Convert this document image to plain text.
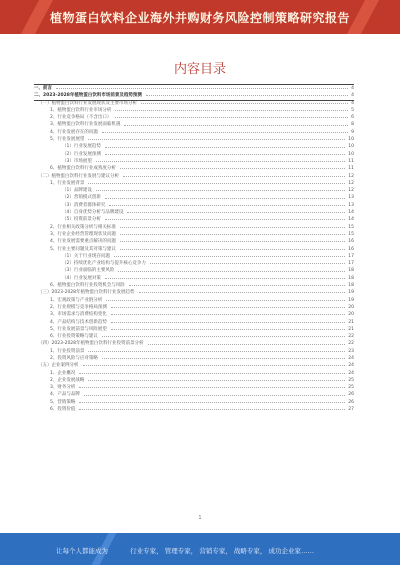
植物蛋白饮料企业海外并购财务风险控制策略研究报告
内容目录
一、前言	4
二、2023-2028年植物蛋白饮料市场前景及趋势预测	4
（一）植物蛋白饮料行业发展现状及主要市场分析	4
1、植物蛋白饮料行业市场分析	5
2、行业竞争格局（不含出口）	6
3、植物蛋白饮料行业发展面临机遇	8
4、行业发展存在的问题	9
5、行业发展展望	10
（1）行业发展趋势	10
（2）行业发展预测	10
（3）市场展望	11
6、植物蛋白饮料行业成熟度分析	11
（二）植物蛋白饮料行业发展与建议分析	12
1、行业发展背景	12
（1）品牌建设	12
（2）营销模式创新	13
（3）消费者群体研究	13
（4）自身优势分析与品牌建设	14
（5）投资前景分析	14
2、行业相关政策分析与相关标准	15
3、行业企业经营管理现状及问题	15
4、行业发展需要重点解决的问题	16
5、行业主要问题及其对策与建议	16
（1）关于行业现存问题	17
（2）持续优化产业结构与提升核心竞争力	17
（3）行业面临的主要风险	18
（4）行业发展对策	18
6、植物蛋白饮料行业投资机会与风险	18
（三）2023-2028年植物蛋白饮料行业发展趋势	19
1、宏观政策与产业链分析	19
2、行业规模与竞争格局预测	20
3、市场需求与消费结构变化	20
4、产品结构与技术创新趋势	21
5、行业发展前景与风险展望	21
6、行业投资策略与建议	22
（四）2023-2028年植物蛋白饮料行业投资前景分析	22
1、行业投资前景	23
2、投资风险与应对策略	24
（五）企业案例分析	24
1、企业概况	24
2、企业发展战略	25
3、财务分析	25
4、产品与品牌	26
5、营销策略	26
6、投资价值	27
1
让每个人都能成为	行业专家， 管理专家， 营销专家， 战略专家， 成功企业家……
